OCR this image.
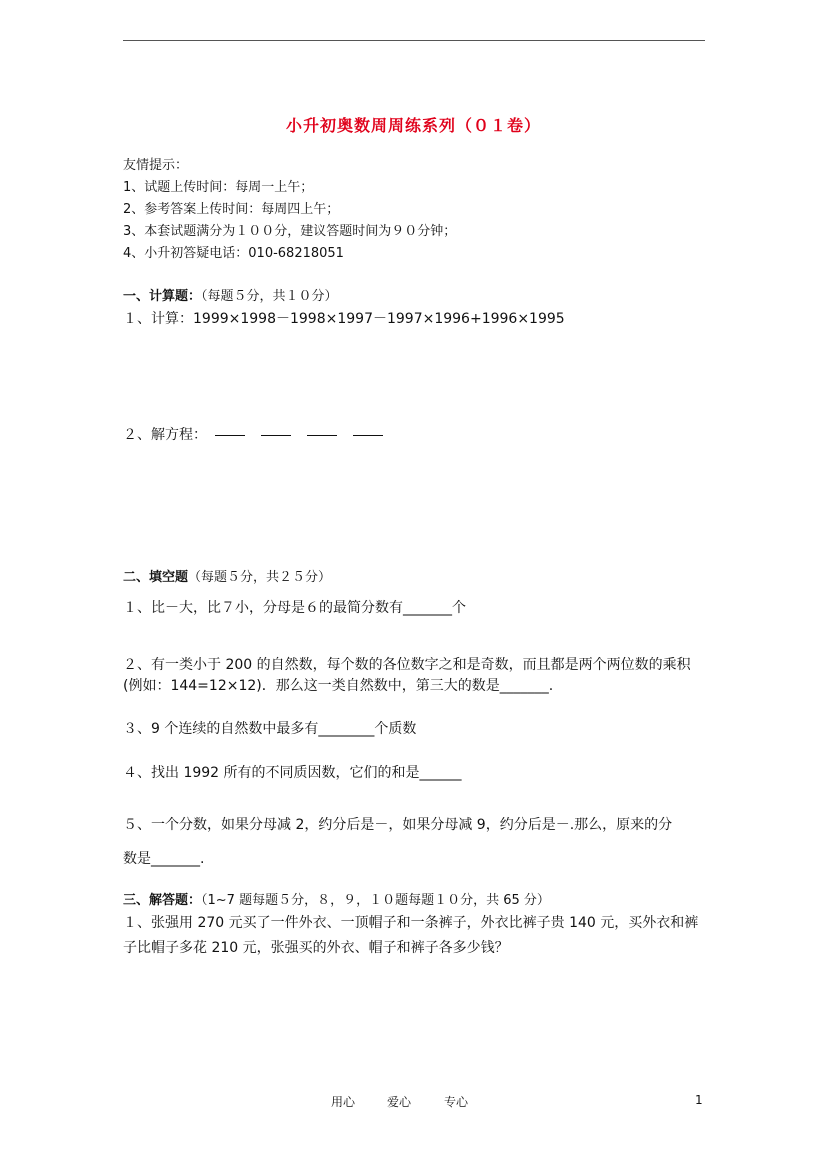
小升初奥数周周练系列（０１卷）
友情提示：
1、试题上传时间：每周一上午；
2、参考答案上传时间：每周四上午；
3、本套试题满分为１００分，建议答题时间为９０分钟；
4、小升初答疑电话：010-68218051
一、计算题：（每题５分，共１０分）
１、计算：1999×1998－1998×1997－1997×1996+1996×1995
２、解方程：
二、填空题（每题５分，共２５分）
１、比－大，比７小，分母是６的最简分数有_______个
２、有一类小于 200 的自然数，每个数的各位数字之和是奇数，而且都是两个两位数的乘积
(例如：144=12×12)．那么这一类自然数中，第三大的数是_______.
３、9 个连续的自然数中最多有________个质数
４、找出 1992 所有的不同质因数，它们的和是______
５、一个分数，如果分母减 2，约分后是－，如果分母减 9，约分后是－.那么，原来的分
数是_______.
三、解答题：（1~7 题每题５分，８，９，１０题每题１０分，共 65 分）
１、张强用 270 元买了一件外衣、一顶帽子和一条裤子，外衣比裤子贵 140 元，买外衣和裤
子比帽子多花 210 元，张强买的外衣、帽子和裤子各多少钱？
用心	爱心	专心	1
